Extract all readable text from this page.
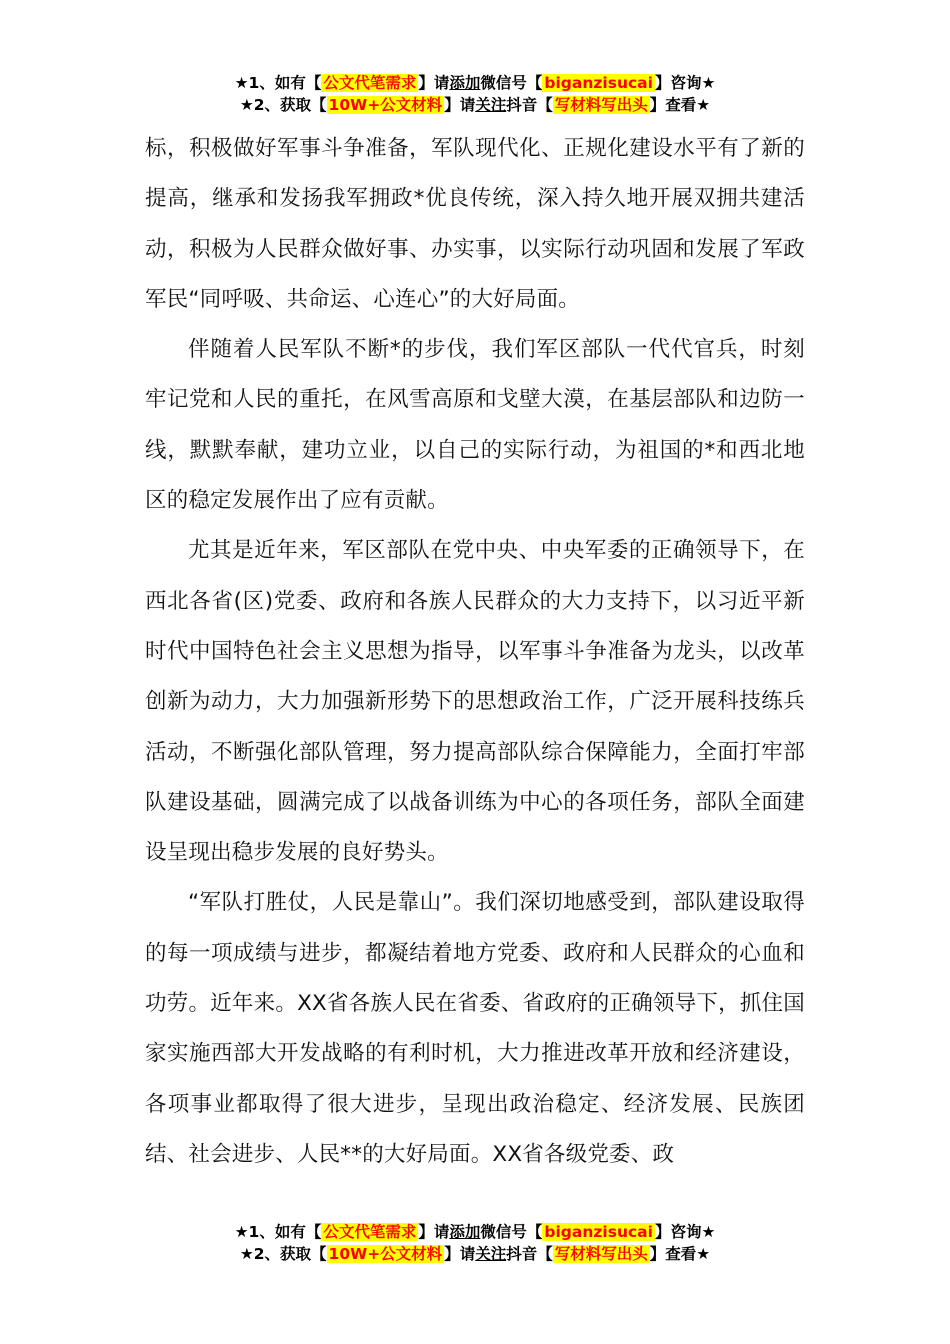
★1、如有【 公文代笔需求 】请添加微信号【 biganzisucai 】咨询★
★2、获取【 10W+公文材料 】请关注抖音【 写材料写出头 】查看★

标，积极做好军事斗争准备，军队现代化、正规化建设水平有了新的提高，继承和发扬我军拥政*优良传统，深入持久地开展双拥共建活动，积极为人民群众做好事、办实事，以实际行动巩固和发展了军政军民“同呼吸、共命运、心连心”的大好局面。

伴随着人民军队不断*的步伐，我们军区部队一代代官兵，时刻牢记党和人民的重托，在风雪高原和戈壁大漠，在基层部队和边防一线，默默奉献，建功立业，以自己的实际行动，为祖国的*和西北地区的稳定发展作出了应有贡献。

尤其是近年来，军区部队在党中央、中央军委的正确领导下，在西北各省(区)党委、政府和各族人民群众的大力支持下，以习近平新时代中国特色社会主义思想为指导，以军事斗争准备为龙头，以改革创新为动力，大力加强新形势下的思想政治工作，广泛开展科技练兵活动，不断强化部队管理，努力提高部队综合保障能力，全面打牢部队建设基础，圆满完成了以战备训练为中心的各项任务，部队全面建设呈现出稳步发展的良好势头。

“军队打胜仗，人民是靠山”。我们深切地感受到，部队建设取得的每一项成绩与进步，都凝结着地方党委、政府和人民群众的心血和功劳。近年来。XX省各族人民在省委、省政府的正确领导下，抓住国家实施西部大开发战略的有利时机，大力推进改革开放和经济建设，各项事业都取得了很大进步，呈现出政治稳定、经济发展、民族团结、社会进步、人民**的大好局面。XX省各级党委、政

★1、如有【 公文代笔需求 】请添加微信号【 biganzisucai 】咨询★
★2、获取【 10W+公文材料 】请关注抖音【 写材料写出头 】查看★
